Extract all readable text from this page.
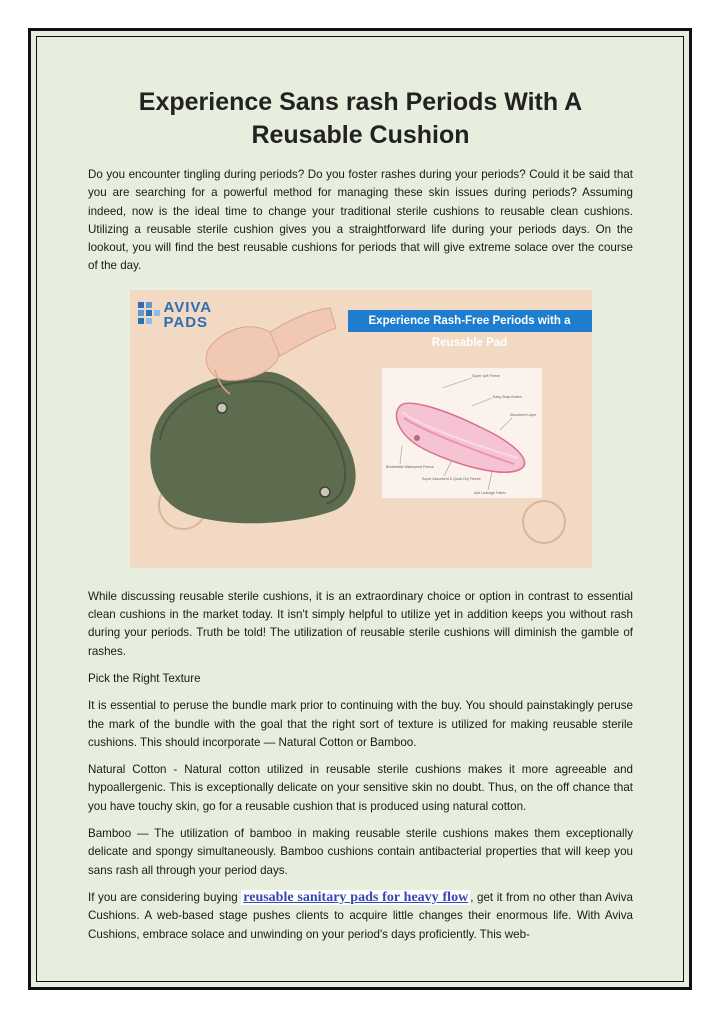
Experience Sans rash Periods With A Reusable Cushion

Do you encounter tingling during periods? Do you foster rashes during your periods? Could it be said that you are searching for a powerful method for managing these skin issues during periods? Assuming indeed, now is the ideal time to change your traditional sterile cushions to reusable clean cushions. Utilizing a reusable sterile cushion gives you a straightforward life during your periods days. On the lookout, you will find the best reusable cushions for periods that will give extreme solace over the course of the day.

AVIVA
PADS	Experience Rash-Free Periods with a Reusable Pad
Super soft Fleece
Easy Snap Button
Absorbent Layer
Breathable Waterproof Fleece
Super Absorbent & Quick Dry Fleece
Anti Leakage Fabric

While discussing reusable sterile cushions, it is an extraordinary choice or option in contrast to essential clean cushions in the market today. It isn't simply helpful to utilize yet in addition keeps you without rash during your periods. Truth be told! The utilization of reusable sterile cushions will diminish the gamble of rashes.

Pick the Right Texture

It is essential to peruse the bundle mark prior to continuing with the buy. You should painstakingly peruse the mark of the bundle with the goal that the right sort of texture is utilized for making reusable sterile cushions. This should incorporate — Natural Cotton or Bamboo.

Natural Cotton - Natural cotton utilized in reusable sterile cushions makes it more agreeable and hypoallergenic. This is exceptionally delicate on your sensitive skin no doubt. Thus, on the off chance that you have touchy skin, go for a reusable cushion that is produced using natural cotton.

Bamboo — The utilization of bamboo in making reusable sterile cushions makes them exceptionally delicate and spongy simultaneously. Bamboo cushions contain antibacterial properties that will keep you sans rash all through your period days.

If you are considering buying reusable sanitary pads for heavy flow , get it from no other than Aviva Cushions. A web-based stage pushes clients to acquire little changes their enormous life. With Aviva Cushions, embrace solace and unwinding on your period's days proficiently. This web-
